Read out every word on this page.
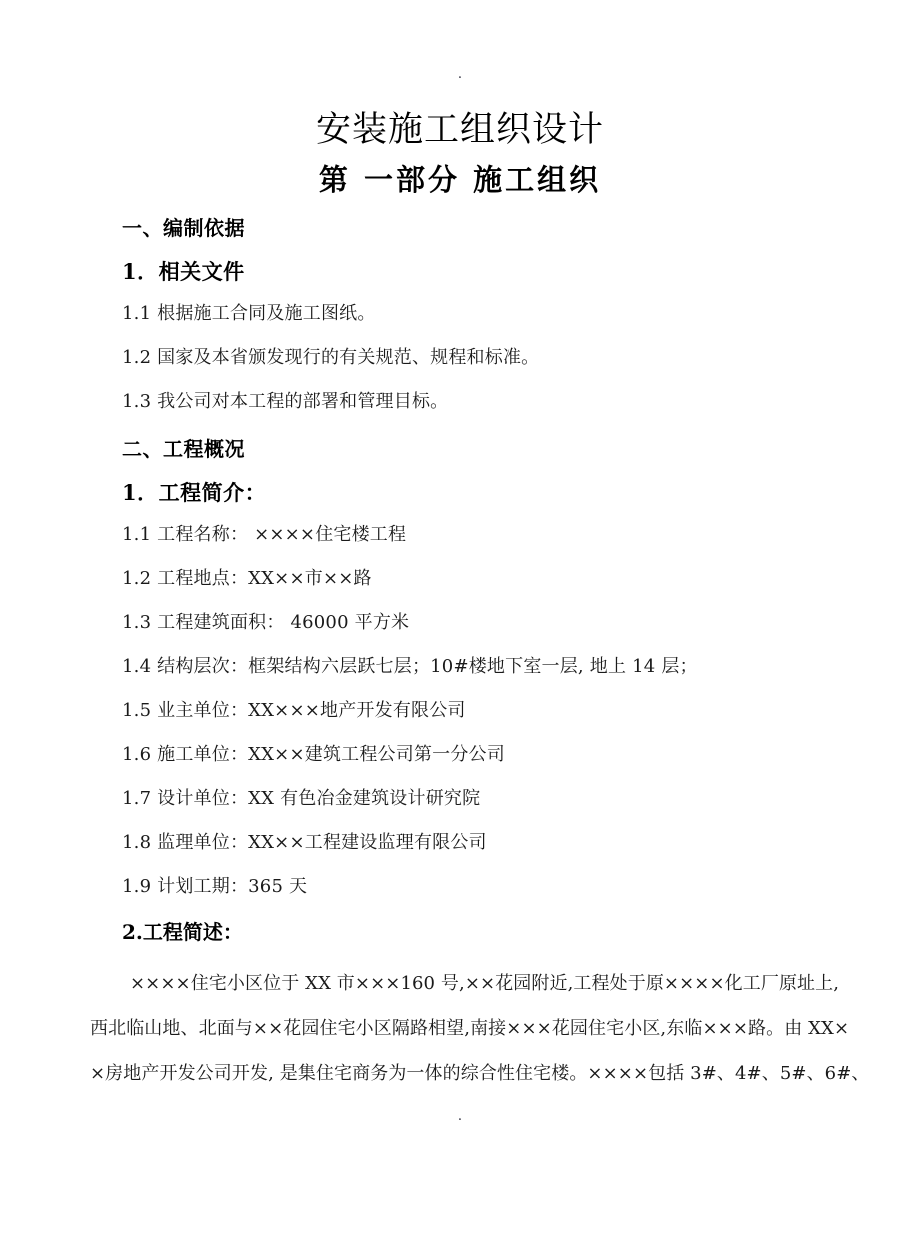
.
安装施工组织设计
第 一部分 施工组织
一、编制依据
1．相关文件
1.1 根据施工合同及施工图纸。
1.2 国家及本省颁发现行的有关规范、规程和标准。
1.3 我公司对本工程的部署和管理目标。
二、工程概况
1．工程简介：
1.1 工程名称： ××××住宅楼工程
1.2 工程地点：XX××市××路
1.3 工程建筑面积： 46000 平方米
1.4 结构层次：框架结构六层跃七层；10#楼地下室一层, 地上 14 层；
1.5 业主单位：XX×××地产开发有限公司
1.6 施工单位：XX××建筑工程公司第一分公司
1.7 设计单位：XX 有色冶金建筑设计研究院
1.8 监理单位：XX××工程建设监理有限公司
1.9 计划工期：365 天
2.工程简述：
××××住宅小区位于 XX 市×××160 号,××花园附近,工程处于原××××化工厂原址上,
西北临山地、北面与××花园住宅小区隔路相望,南接×××花园住宅小区,东临×××路。由 XX×
×房地产开发公司开发, 是集住宅商务为一体的综合性住宅楼。××××包括 3#、4#、5#、6#、
.
